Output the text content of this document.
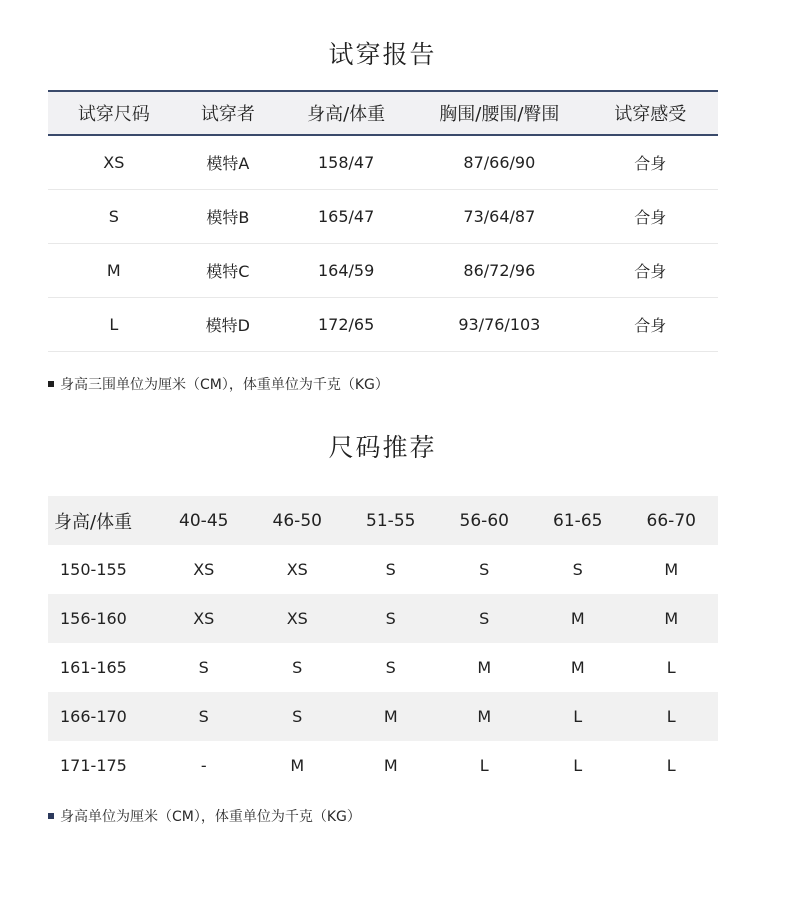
试穿报告
试穿尺码	试穿者	身高/体重	胸围/腰围/臀围	试穿感受
XS	模特A	158/47	87/66/90	合身
S	模特B	165/47	73/64/87	合身
M	模特C	164/59	86/72/96	合身
L	模特D	172/65	93/76/103	合身
身高三围单位为厘米（CM），体重单位为千克（KG）
尺码推荐
身高/体重	40-45	46-50	51-55	56-60	61-65	66-70
150-155	XS	XS	S	S	S	M
156-160	XS	XS	S	S	M	M
161-165	S	S	S	M	M	L
166-170	S	S	M	M	L	L
171-175	-	M	M	L	L	L
身高单位为厘米（CM），体重单位为千克（KG）
